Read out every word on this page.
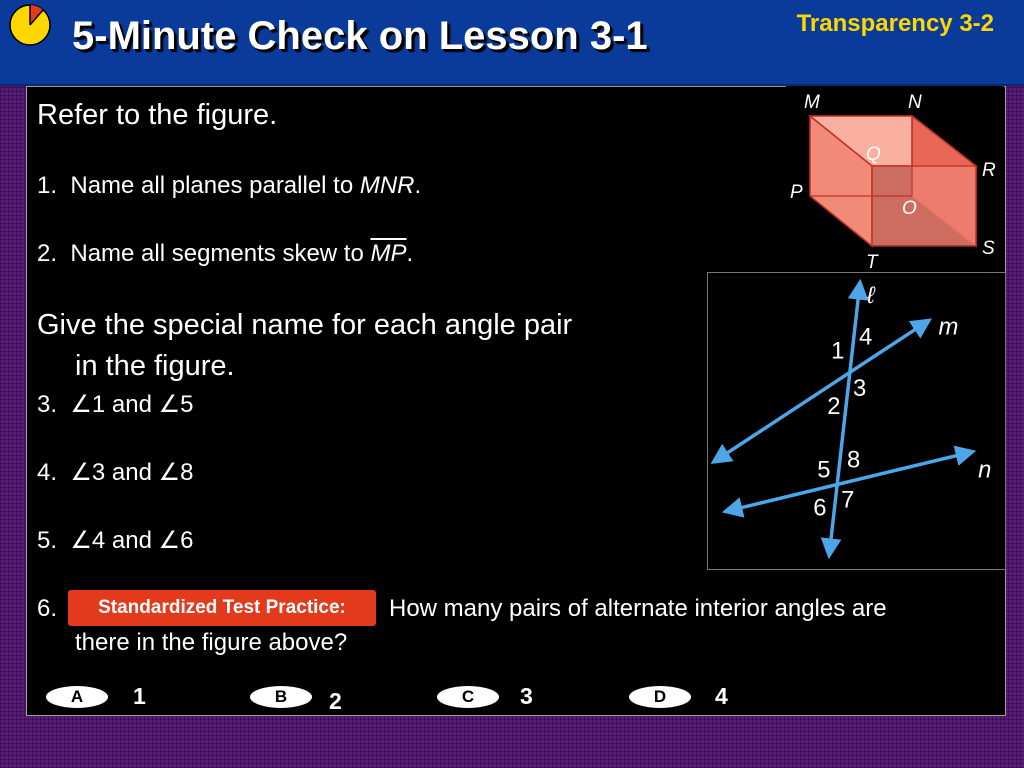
5-Minute Check on Lesson 3-1	Transparency 3-2
Refer to the figure.
1. Name all planes parallel to MNR.
2. Name all segments skew to $\overline{MP}$.
Give the special name for each angle pair
in the figure.
3. ∠1 and ∠5
4. ∠3 and ∠8
5. ∠4 and ∠6
6.	How many pairs of alternate interior angles are
there in the figure above?
Standardized Test Practice:
A	1	B	2	C	3	D	4
M	N
Q
R
P
O
S
T
ℓ
m
n
1
4
2
3
5 8
6 7
